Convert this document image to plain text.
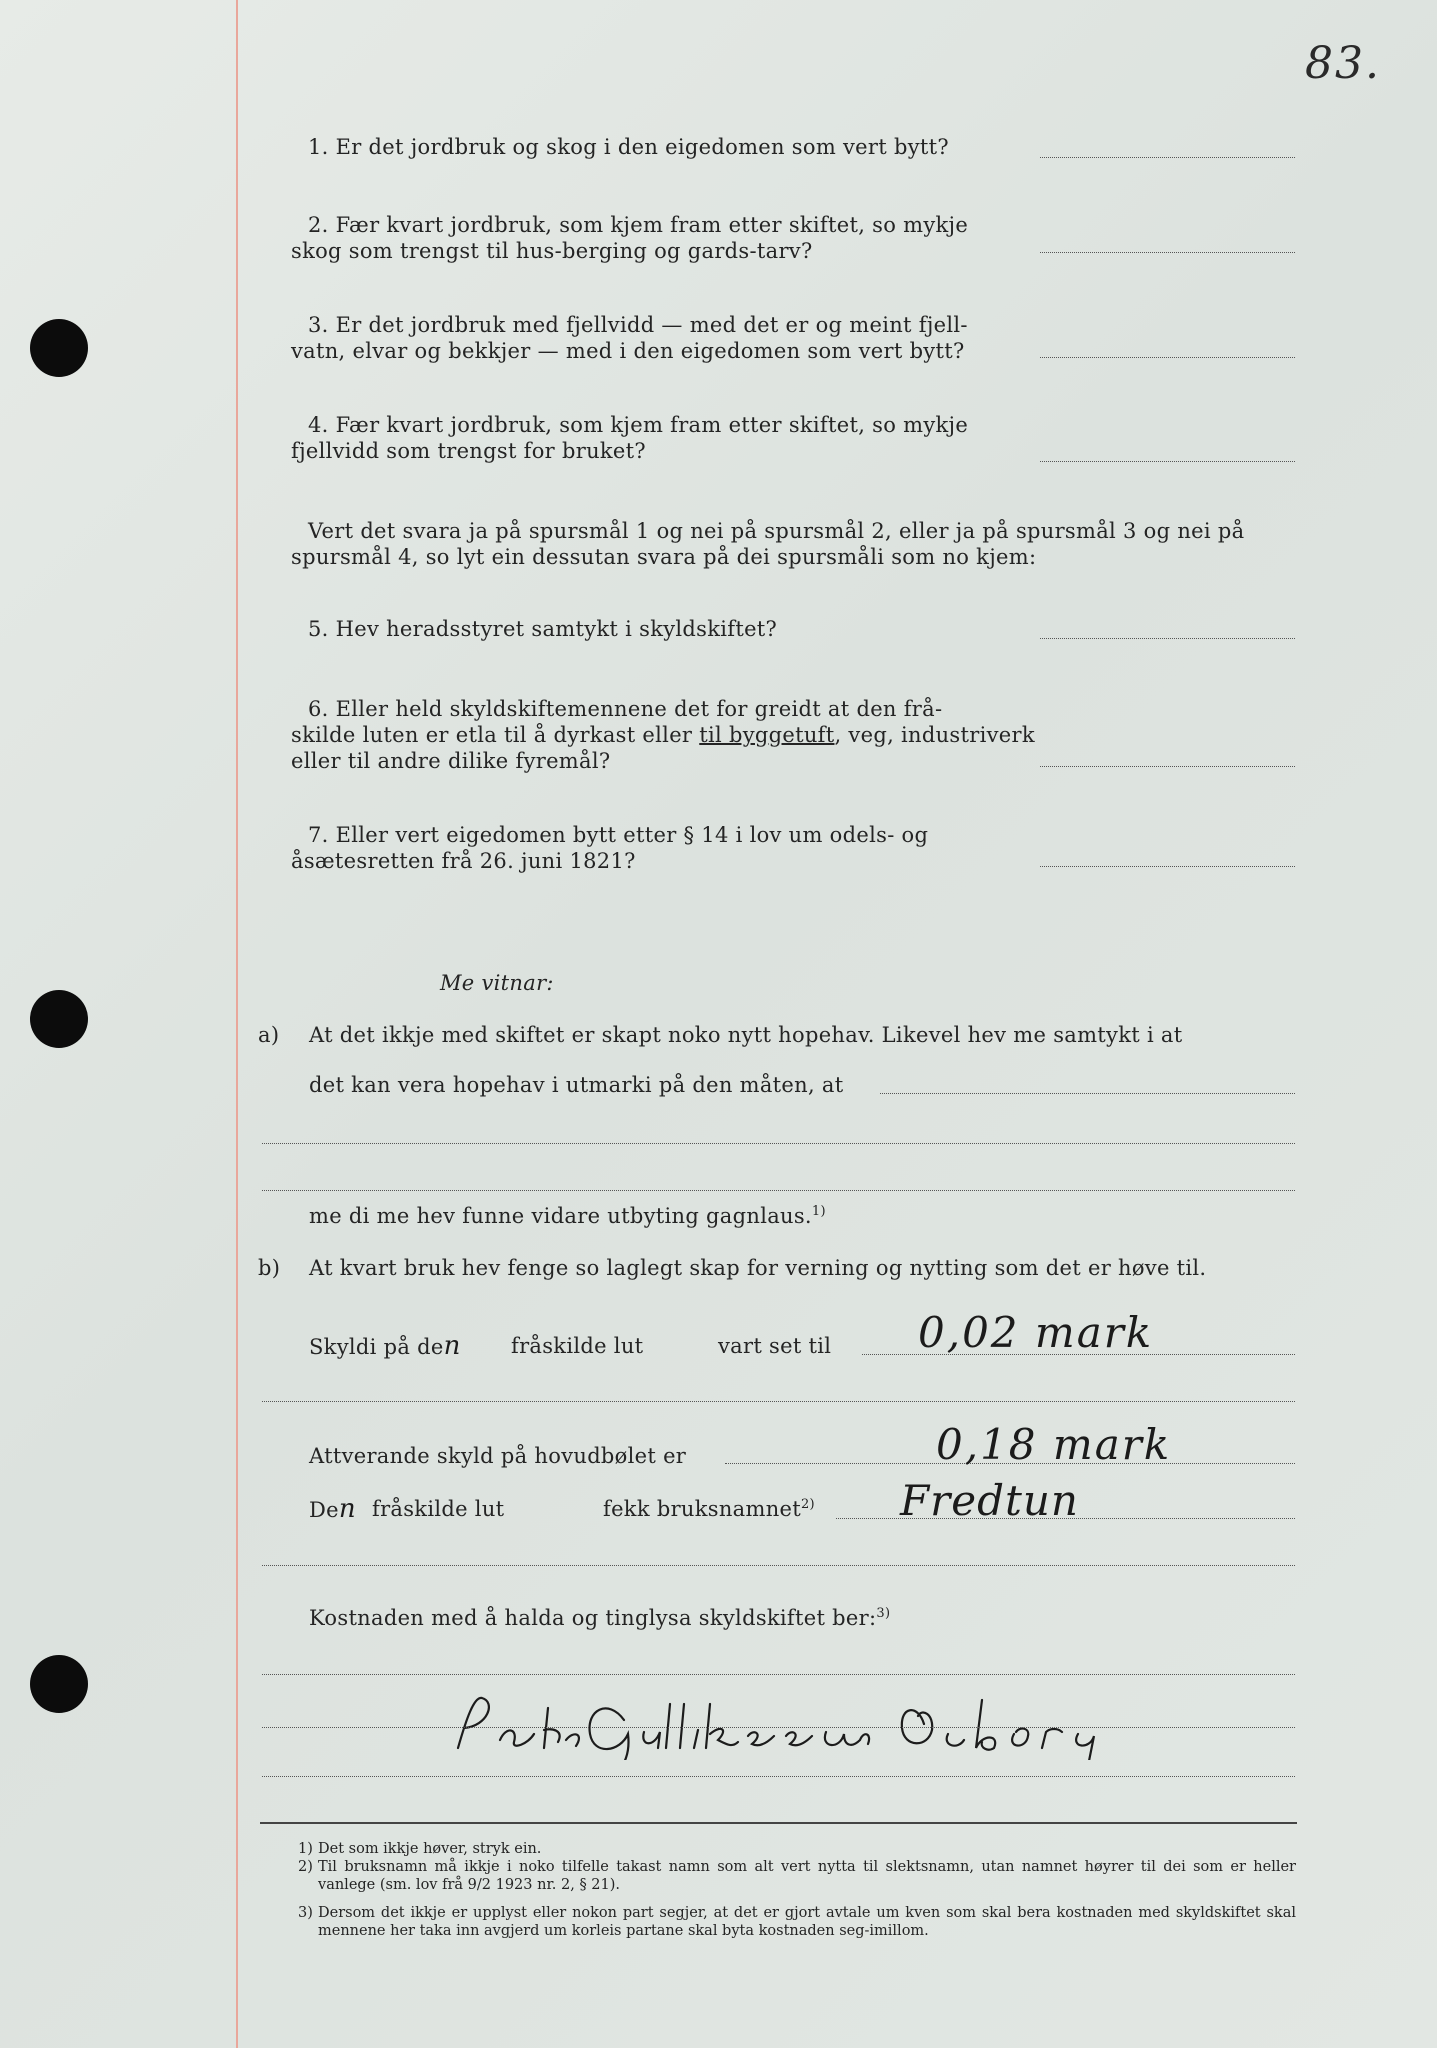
83.
1. Er det jordbruk og skog i den eigedomen som vert bytt?
2. Fær kvart jordbruk, som kjem fram etter skiftet, so mykje
skog som trengst til hus-berging og gards-tarv?
3. Er det jordbruk med fjellvidd — med det er og meint fjell-
vatn, elvar og bekkjer — med i den eigedomen som vert bytt?
4. Fær kvart jordbruk, som kjem fram etter skiftet, so mykje
fjellvidd som trengst for bruket?
Vert det svara ja på spursmål 1 og nei på spursmål 2, eller ja på spursmål 3 og nei på
spursmål 4, so lyt ein dessutan svara på dei spursmåli som no kjem:
5. Hev heradsstyret samtykt i skyldskiftet?
6. Eller held skyldskiftemennene det for greidt at den frå-
skilde luten er etla til å dyrkast eller til byggetuft, veg, industriverk
eller til andre dilike fyremål?
7. Eller vert eigedomen bytt etter § 14 i lov um odels- og
åsætesretten frå 26. juni 1821?
Me vitnar:
a) At det ikkje med skiftet er skapt noko nytt hopehav. Likevel hev me samtykt i at
det kan vera hopehav i utmarki på den måten, at
me di me hev funne vidare utbyting gagnlaus.$^{1)}$
b) At kvart bruk hev fenge so laglegt skap for verning og nytting som det er høve til.
Skyldi på den fråskilde lut	vart set til 0,02 mark
Attverande skyld på hovudbølet er	0,18 mark
Den fråskilde lut	fekk bruksnamnet$^{2)}$ Fredtun
Kostnaden med å halda og tinglysa skyldskiftet ber:$^{3)}$
1) Det som ikkje høver, stryk ein.
2) Til bruksnamn må ikkje i noko tilfelle takast namn som alt vert nytta til slektsnamn, utan namnet høyrer til dei som er heller vanlege (sm. lov frå 9/2 1923 nr. 2, § 21).
3) Dersom det ikkje er upplyst eller nokon part segjer, at det er gjort avtale um kven som skal bera kostnaden med skyldskiftet skal mennene her taka inn avgjerd um korleis partane skal byta kostnaden seg-imillom.
